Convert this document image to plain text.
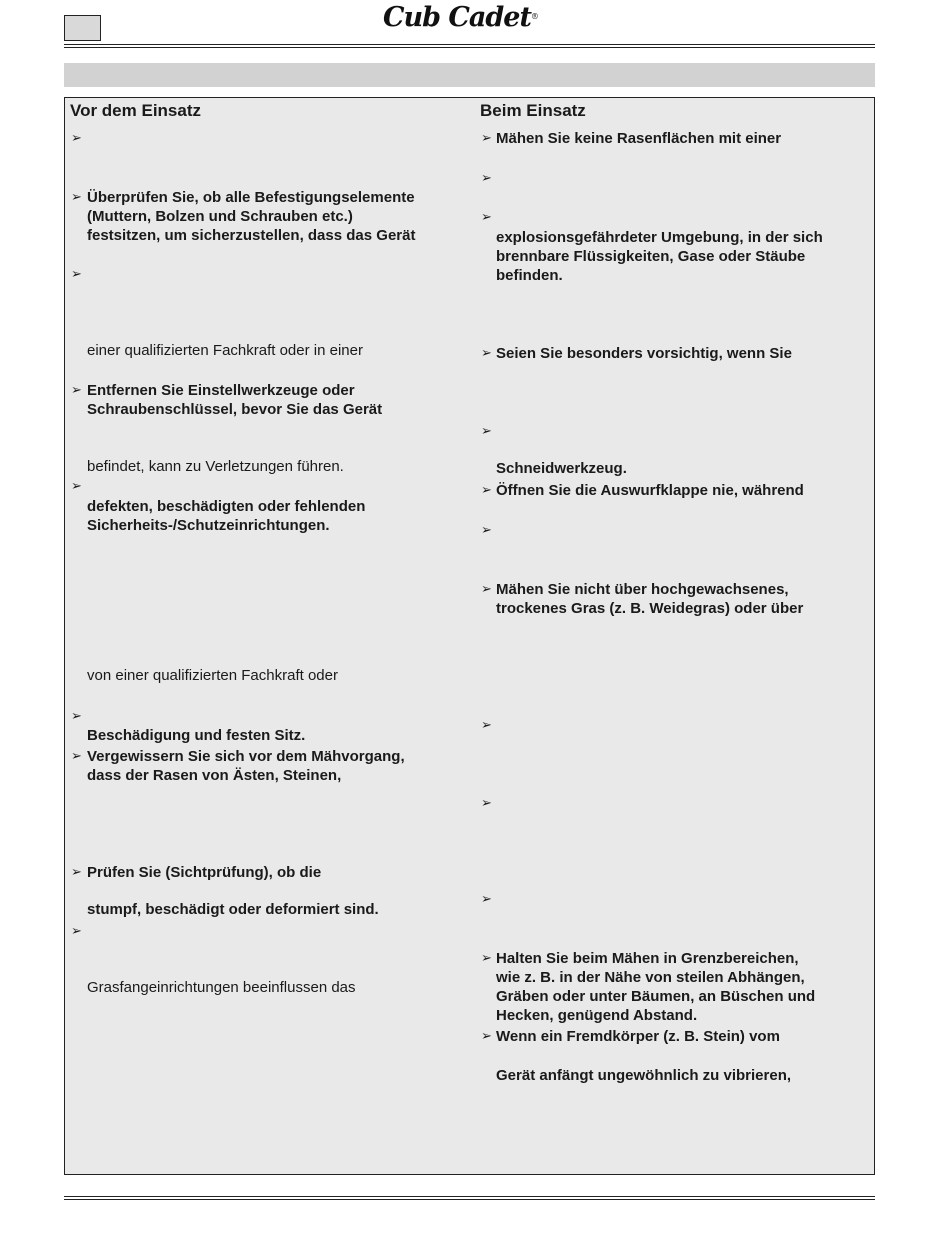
Cub Cadet®
Vor dem Einsatz	Beim Einsatz
Überprüfen Sie, ob alle Befestigungselemente
(Muttern, Bolzen und Schrauben etc.)
festsitzen, um sicherzustellen, dass das Gerät
einer qualifizierten Fachkraft oder in einer
Entfernen Sie Einstellwerkzeuge oder
Schraubenschlüssel, bevor Sie das Gerät
befindet, kann zu Verletzungen führen.
defekten, beschädigten oder fehlenden
Sicherheits-/Schutzeinrichtungen.
von einer qualifizierten Fachkraft oder
Beschädigung und festen Sitz.
Vergewissern Sie sich vor dem Mähvorgang,
dass der Rasen von Ästen, Steinen,
Prüfen Sie (Sichtprüfung), ob die
stumpf, beschädigt oder deformiert sind.
Grasfangeinrichtungen beeinflussen das
➢
➢
➢
➢
➢
➢
➢
➢
➢
Mähen Sie keine Rasenflächen mit einer
explosionsgefährdeter Umgebung, in der sich
brennbare Flüssigkeiten, Gase oder Stäube
befinden.
Seien Sie besonders vorsichtig, wenn Sie
Schneidwerkzeug.
Öffnen Sie die Auswurfklappe nie, während
Mähen Sie nicht über hochgewachsenes,
trockenes Gras (z. B. Weidegras) oder über
Halten Sie beim Mähen in Grenzbereichen,
wie z. B. in der Nähe von steilen Abhängen,
Gräben oder unter Bäumen, an Büschen und
Hecken, genügend Abstand.
Wenn ein Fremdkörper (z. B. Stein) vom
Gerät anfängt ungewöhnlich zu vibrieren,
➢
➢
➢
➢
➢
➢
➢
➢
➢
➢
➢
➢
➢
